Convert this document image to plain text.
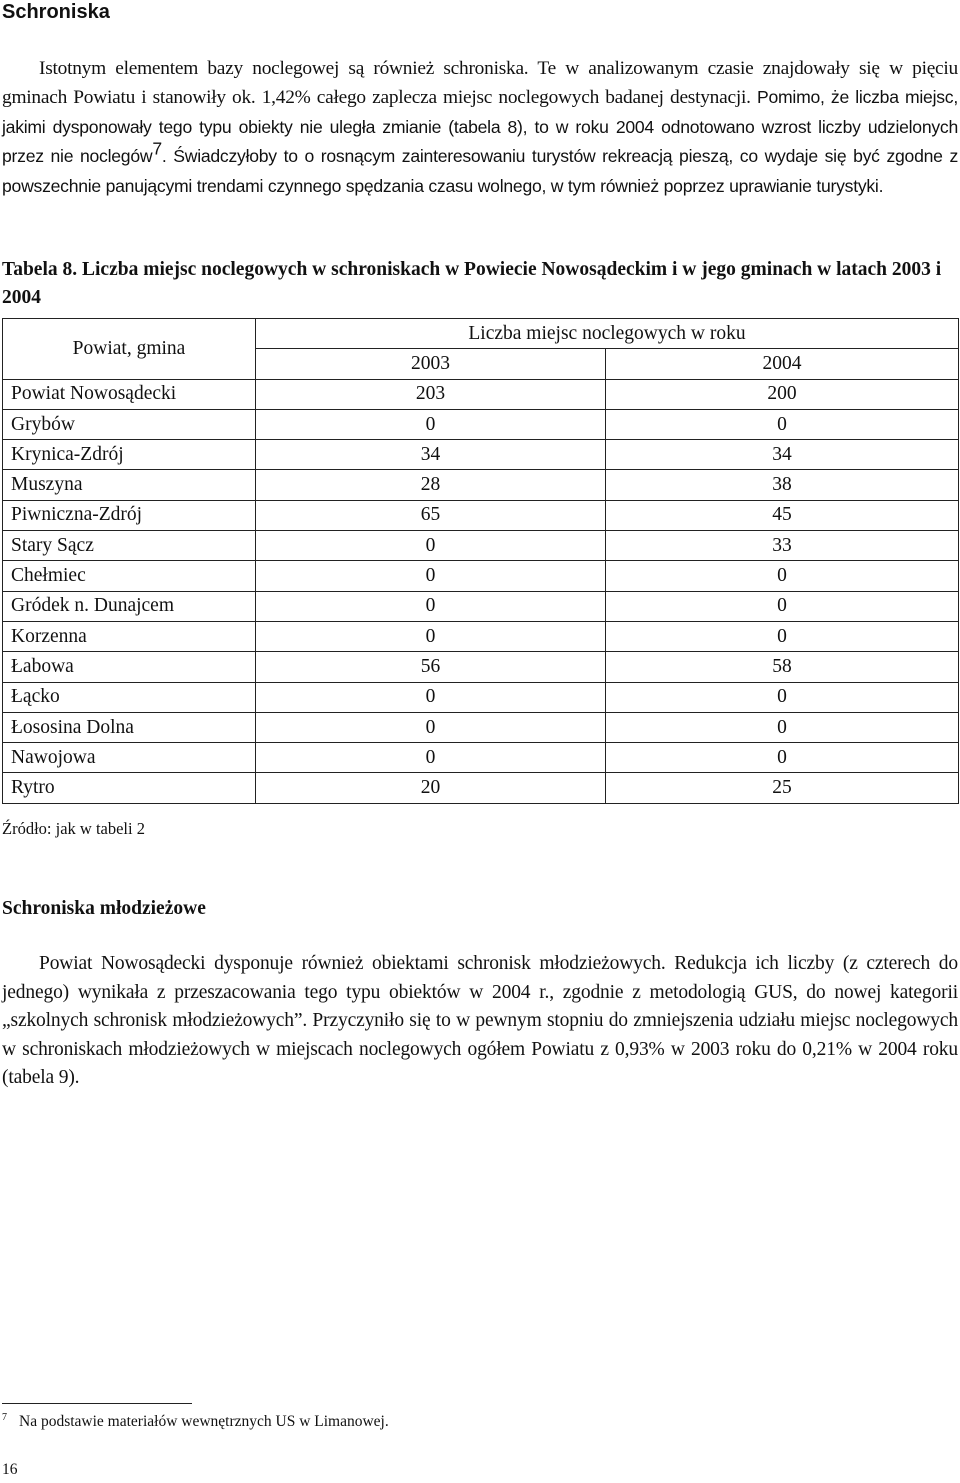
Schroniska

Istotnym elementem bazy noclegowej są również schroniska. Te w analizowanym czasie znajdowały się w pięciu gminach Powiatu i stanowiły ok. 1,42% całego zaplecza miejsc noclegowych badanej destynacji. Pomimo, że liczba miejsc, jakimi dysponowały tego typu obiekty nie uległa zmianie (tabela 8), to w roku 2004 odnotowano wzrost liczby udzielonych przez nie noclegów7. Świadczyłoby to o rosnącym zainteresowaniu turystów rekreacją pieszą, co wydaje się być zgodne z powszechnie panującymi trendami czynnego spędzania czasu wolnego, w tym również poprzez uprawianie turystyki.

Tabela 8. Liczba miejsc noclegowych w schroniskach w Powiecie Nowosądeckim i w jego gminach w latach 2003 i 2004

Powiat, gmina	Liczba miejsc noclegowych w roku	
	2003	2004
Powiat Nowosądecki	203	200
Grybów	0	0
Krynica-Zdrój	34	34
Muszyna	28	38
Piwniczna-Zdrój	65	45
Stary Sącz	0	33
Chełmiec	0	0
Gródek n. Dunajcem	0	0
Korzenna	0	0
Łabowa	56	58
Łącko	0	0
Łososina Dolna	0	0
Nawojowa	0	0
Rytro	20	25

Źródło: jak w tabeli 2

Schroniska młodzieżowe

Powiat Nowosądecki dysponuje również obiektami schronisk młodzieżowych. Redukcja ich liczby (z czterech do jednego) wynikała z przeszacowania tego typu obiektów w 2004 r., zgodnie z metodologią GUS, do nowej kategorii „szkolnych schronisk młodzieżowych”. Przyczyniło się to w pewnym stopniu do zmniejszenia udziału miejsc noclegowych w schroniskach młodzieżowych w miejscach noclegowych ogółem Powiatu z 0,93% w 2003 roku do 0,21% w 2004 roku (tabela 9).

$^7$ Na podstawie materiałów wewnętrznych US w Limanowej.

16
